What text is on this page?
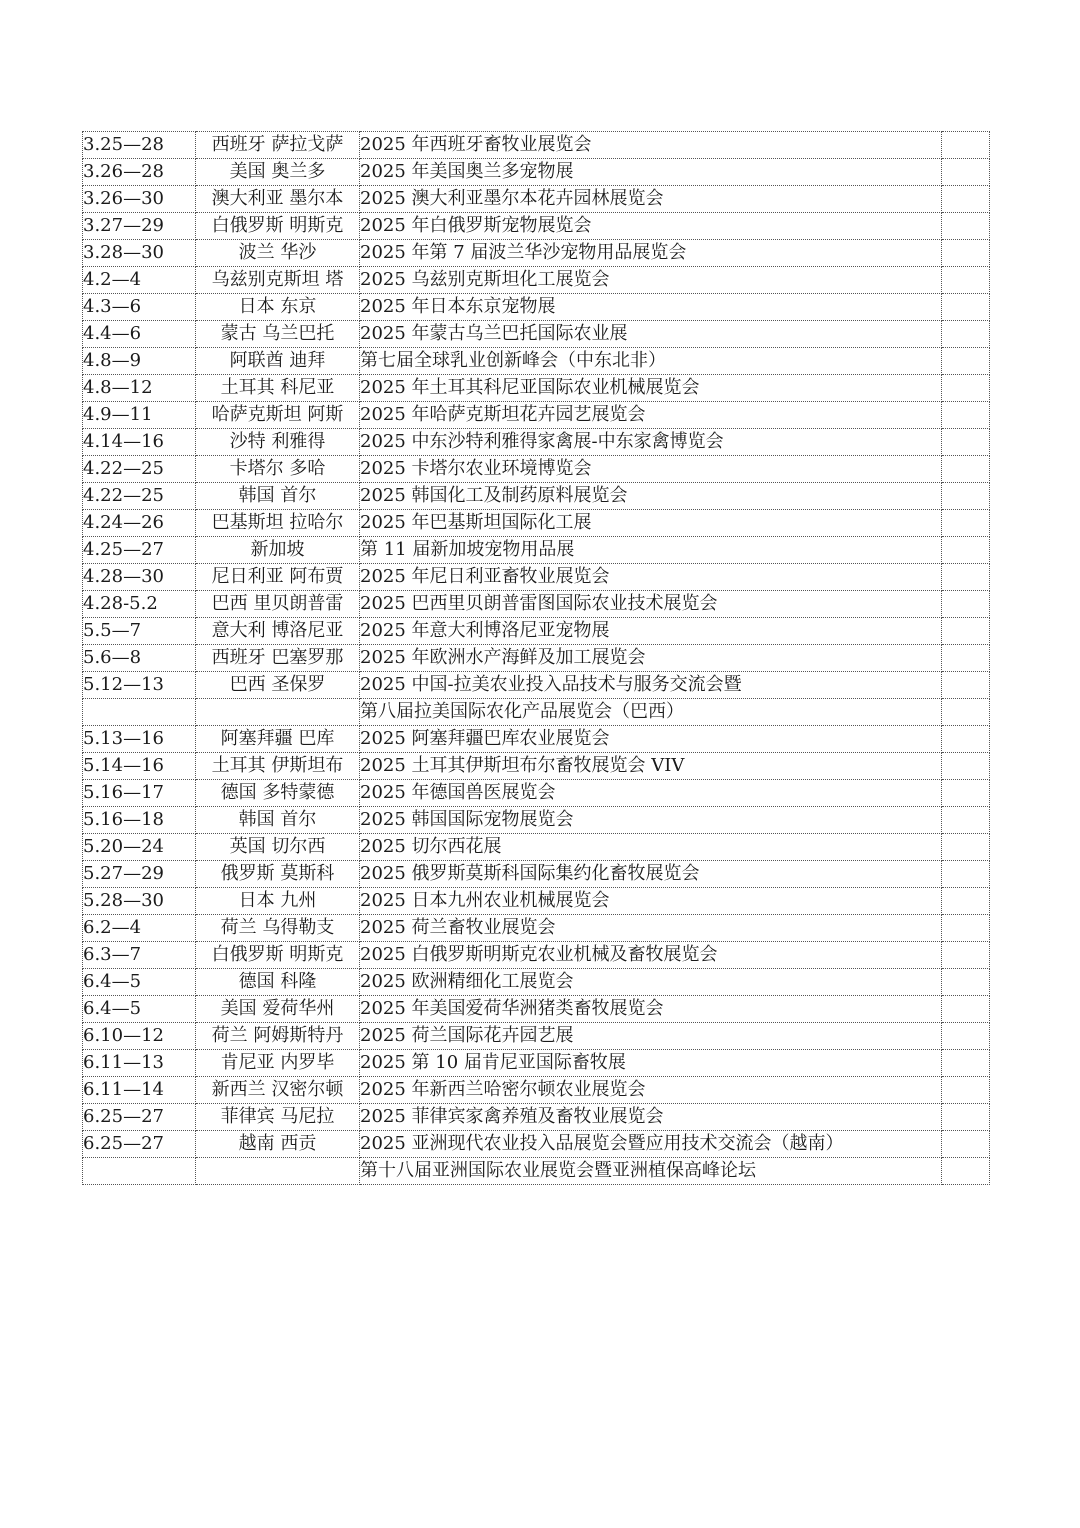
3.25—28	西班牙 萨拉戈萨	2025 年西班牙畜牧业展览会	
3.26—28	美国 奥兰多	2025 年美国奥兰多宠物展	
3.26—30	澳大利亚 墨尔本	2025 澳大利亚墨尔本花卉园林展览会	
3.27—29	白俄罗斯 明斯克	2025 年白俄罗斯宠物展览会	
3.28—30	波兰 华沙	2025 年第 7 届波兰华沙宠物用品展览会	
4.2—4	乌兹别克斯坦 塔	2025 乌兹别克斯坦化工展览会	
4.3—6	日本 东京	2025 年日本东京宠物展	
4.4—6	蒙古 乌兰巴托	2025 年蒙古乌兰巴托国际农业展	
4.8—9	阿联酋 迪拜	第七届全球乳业创新峰会（中东北非）	
4.8—12	土耳其 科尼亚	2025 年土耳其科尼亚国际农业机械展览会	
4.9—11	哈萨克斯坦 阿斯	2025 年哈萨克斯坦花卉园艺展览会	
4.14—16	沙特 利雅得	2025 中东沙特利雅得家禽展-中东家禽博览会	
4.22—25	卡塔尔 多哈	2025 卡塔尔农业环境博览会	
4.22—25	韩国 首尔	2025 韩国化工及制药原料展览会	
4.24—26	巴基斯坦 拉哈尔	2025 年巴基斯坦国际化工展	
4.25—27	新加坡	第 11 届新加坡宠物用品展	
4.28—30	尼日利亚 阿布贾	2025 年尼日利亚畜牧业展览会	
4.28-5.2	巴西 里贝朗普雷	2025 巴西里贝朗普雷图国际农业技术展览会	
5.5—7	意大利 博洛尼亚	2025 年意大利博洛尼亚宠物展	
5.6—8	西班牙 巴塞罗那	2025 年欧洲水产海鲜及加工展览会	
5.12—13	巴西 圣保罗	2025 中国-拉美农业投入品技术与服务交流会暨	
		第八届拉美国际农化产品展览会（巴西）	
5.13—16	阿塞拜疆 巴库	2025 阿塞拜疆巴库农业展览会	
5.14—16	土耳其 伊斯坦布	2025 土耳其伊斯坦布尔畜牧展览会 VIV	
5.16—17	德国 多特蒙德	2025 年德国兽医展览会	
5.16—18	韩国 首尔	2025 韩国国际宠物展览会	
5.20—24	英国 切尔西	2025 切尔西花展	
5.27—29	俄罗斯 莫斯科	2025 俄罗斯莫斯科国际集约化畜牧展览会	
5.28—30	日本 九州	2025 日本九州农业机械展览会	
6.2—4	荷兰 乌得勒支	2025 荷兰畜牧业展览会	
6.3—7	白俄罗斯 明斯克	2025 白俄罗斯明斯克农业机械及畜牧展览会	
6.4—5	德国 科隆	2025 欧洲精细化工展览会	
6.4—5	美国 爱荷华州	2025 年美国爱荷华洲猪类畜牧展览会	
6.10—12	荷兰 阿姆斯特丹	2025 荷兰国际花卉园艺展	
6.11—13	肯尼亚 内罗毕	2025 第 10 届肯尼亚国际畜牧展	
6.11—14	新西兰 汉密尔顿	2025 年新西兰哈密尔顿农业展览会	
6.25—27	菲律宾 马尼拉	2025 菲律宾家禽养殖及畜牧业展览会	
6.25—27	越南 西贡	2025 亚洲现代农业投入品展览会暨应用技术交流会（越南）	
		第十八届亚洲国际农业展览会暨亚洲植保高峰论坛	
